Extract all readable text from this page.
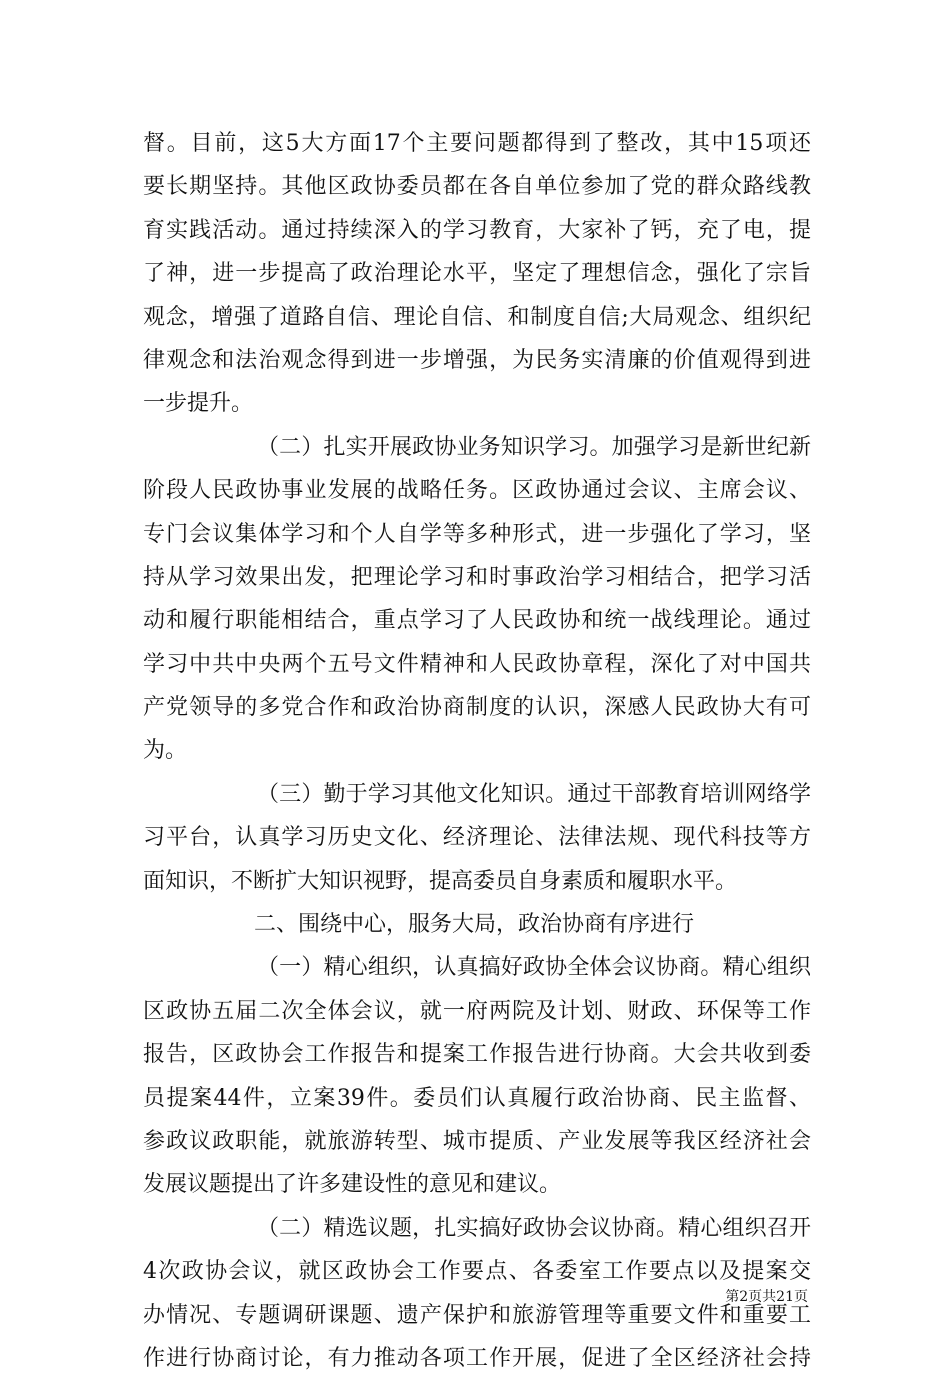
督。目前，这5大方面17个主要问题都得到了整改，其中15项还
要长期坚持。其他区政协委员都在各自单位参加了党的群众路线教
育实践活动。通过持续深入的学习教育，大家补了钙，充了电，提
了神，进一步提高了政治理论水平，坚定了理想信念，强化了宗旨
观念，增强了道路自信、理论自信、和制度自信;大局观念、组织纪
律观念和法治观念得到进一步增强，为民务实清廉的价值观得到进
一步提升。
（二）扎实开展政协业务知识学习。加强学习是新世纪新
阶段人民政协事业发展的战略任务。区政协通过会议、主席会议、
专门会议集体学习和个人自学等多种形式，进一步强化了学习，坚
持从学习效果出发，把理论学习和时事政治学习相结合，把学习活
动和履行职能相结合，重点学习了人民政协和统一战线理论。通过
学习中共中央两个五号文件精神和人民政协章程，深化了对中国共
产党领导的多党合作和政治协商制度的认识，深感人民政协大有可
为。
（三）勤于学习其他文化知识。通过干部教育培训网络学
习平台，认真学习历史文化、经济理论、法律法规、现代科技等方
面知识，不断扩大知识视野，提高委员自身素质和履职水平。
二、围绕中心，服务大局，政治协商有序进行
（一）精心组织，认真搞好政协全体会议协商。精心组织
区政协五届二次全体会议，就一府两院及计划、财政、环保等工作
报告，区政协会工作报告和提案工作报告进行协商。大会共收到委
员提案44件，立案39件。委员们认真履行政治协商、民主监督、
参政议政职能，就旅游转型、城市提质、产业发展等我区经济社会
发展议题提出了许多建设性的意见和建议。
（二）精选议题，扎实搞好政协会议协商。精心组织召开
4次政协会议，就区政协会工作要点、各委室工作要点以及提案交
办情况、专题调研课题、遗产保护和旅游管理等重要文件和重要工
作进行协商讨论，有力推动各项工作开展，促进了全区经济社会持
第2页共21页
